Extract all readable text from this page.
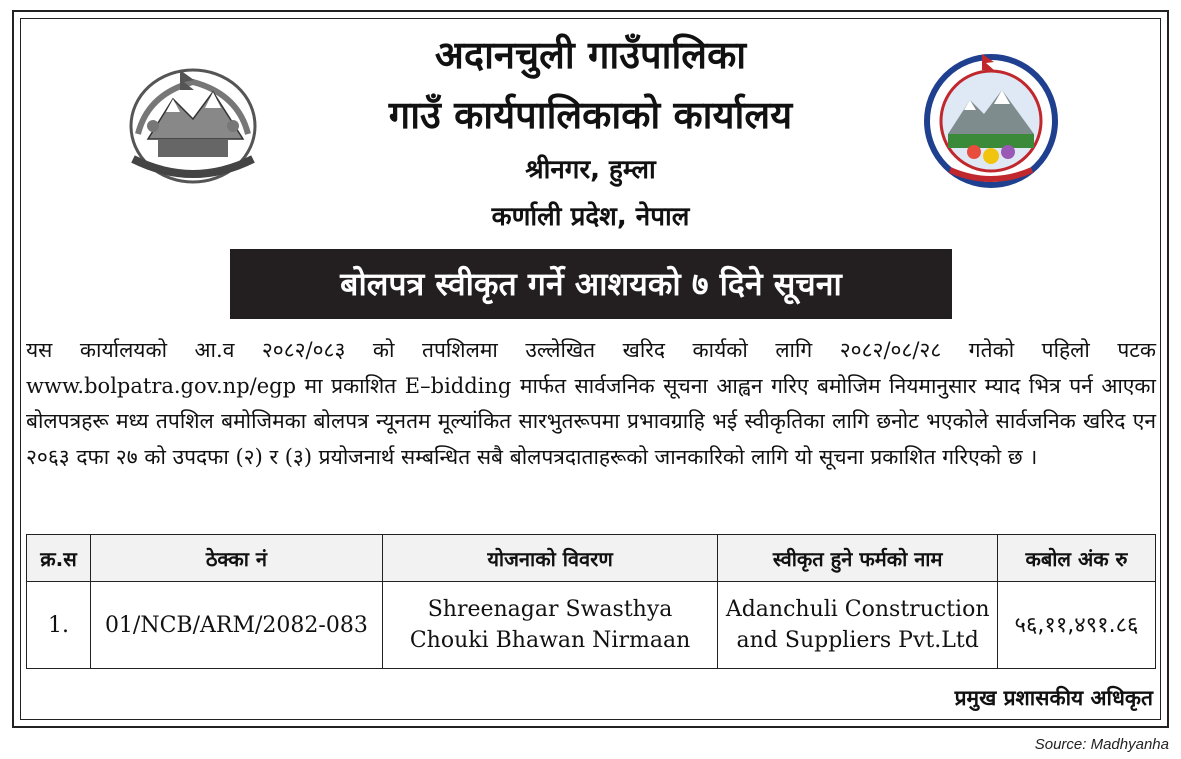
अदानचुली गाउँपालिका
गाउँ कार्यपालिकाको कार्यालय
श्रीनगर, हुम्ला
कर्णाली प्रदेश, नेपाल
बोलपत्र स्वीकृत गर्ने आशयको ७ दिने सूचना
यस कार्यालयको आ.व २०८२/०८३ को तपशिलमा उल्लेखित खरिद कार्यको लागि २०८२/०८/२८ गतेको पहिलो पटक www.bolpatra.gov.np/egp मा प्रकाशित E–bidding मार्फत सार्वजनिक सूचना आह्वन गरिए बमोजिम नियमानुसार म्याद भित्र पर्न आएका बोलपत्रहरू मध्य तपशिल बमोजिमका बोलपत्र न्यूनतम मूल्यांकित सारभुतरूपमा प्रभावग्राहि भई स्वीकृतिका लागि छनोट भएकोले सार्वजनिक खरिद एन २०६३ दफा २७ को उपदफा (२) र (३) प्रयोजनार्थ सम्बन्धित सबै बोलपत्रदाताहरूको जानकारिको लागि यो सूचना प्रकाशित गरिएको छ ।
क्र.स	ठेक्का नं	योजनाको विवरण	स्वीकृत हुने फर्मको नाम	कबोल अंक रु
1.	01/NCB/ARM/2082-083	Shreenagar Swasthya Chouki Bhawan Nirmaan	Adanchuli Construction and Suppliers Pvt.Ltd	५६,११,४९१.८६
प्रमुख प्रशासकीय अधिकृत
Source: Madhyanha
